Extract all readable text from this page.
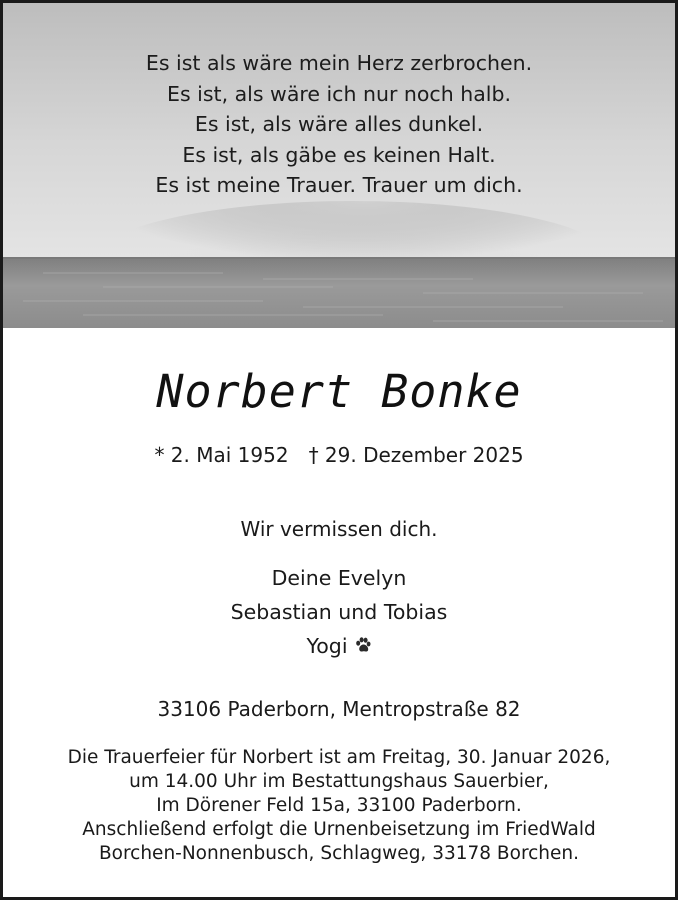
Es ist als wäre mein Herz zerbrochen.
Es ist, als wäre ich nur noch halb.
Es ist, als wäre alles dunkel.
Es ist, als gäbe es keinen Halt.
Es ist meine Trauer. Trauer um dich.
Norbert Bonke
* 2. Mai 1952 † 29. Dezember 2025
Wir vermissen dich.
Deine Evelyn
Sebastian und Tobias
Yogi
33106 Paderborn, Mentropstraße 82
Die Trauerfeier für Norbert ist am Freitag, 30. Januar 2026,
um 14.00 Uhr im Bestattungshaus Sauerbier,
Im Dörener Feld 15a, 33100 Paderborn.
Anschließend erfolgt die Urnenbeisetzung im FriedWald
Borchen-Nonnenbusch, Schlagweg, 33178 Borchen.
